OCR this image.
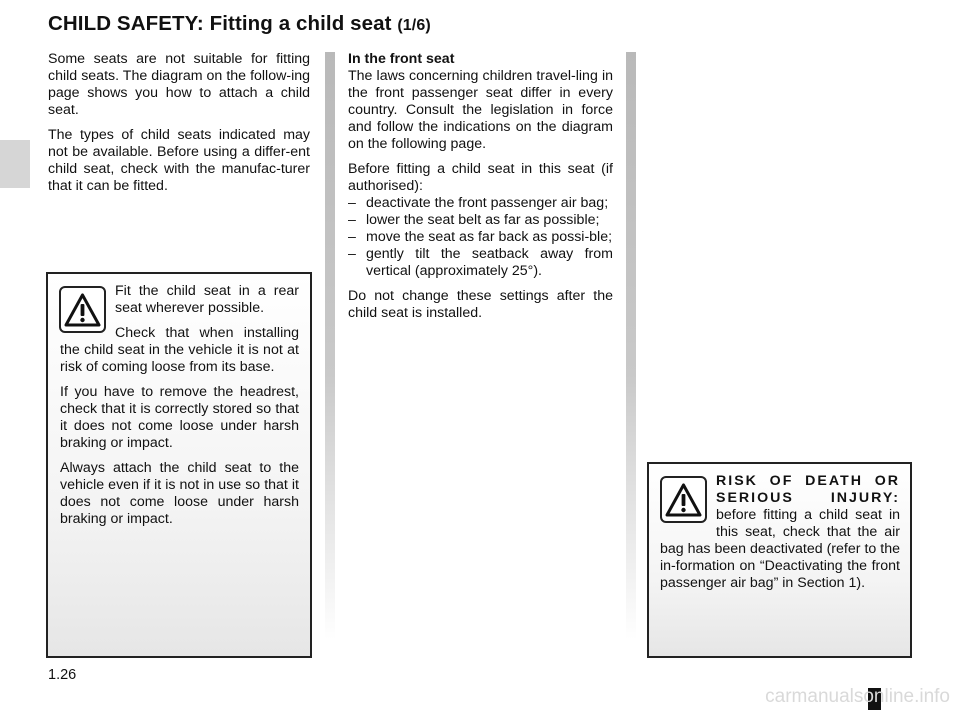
CHILD SAFETY: Fitting a child seat (1/6)

Some seats are not suitable for fitting child seats. The diagram on the follow-ing page shows you how to attach a child seat.

The types of child seats indicated may not be available. Before using a differ-ent child seat, check with the manufac-turer that it can be fitted.

Fit the child seat in a rear seat wherever possible.

Check that when installing the child seat in the vehicle it is not at risk of coming loose from its base.

If you have to remove the headrest, check that it is correctly stored so that it does not come loose under harsh braking or impact.

Always attach the child seat to the vehicle even if it is not in use so that it does not come loose under harsh braking or impact.

In the front seat

The laws concerning children travel-ling in the front passenger seat differ in every country. Consult the legislation in force and follow the indications on the diagram on the following page.

Before fitting a child seat in this seat (if authorised):

– deactivate the front passenger air bag;
– lower the seat belt as far as possible;
– move the seat as far back as possi-ble;
– gently tilt the seatback away from vertical (approximately 25°).

Do not change these settings after the child seat is installed.

RISK OF DEATH OR SERIOUS INJURY: before fitting a child seat in this seat, check that the air bag has been deactivated (refer to the in-formation on “Deactivating the front passenger air bag” in Section 1).

1.26
carmanualsonline.info
